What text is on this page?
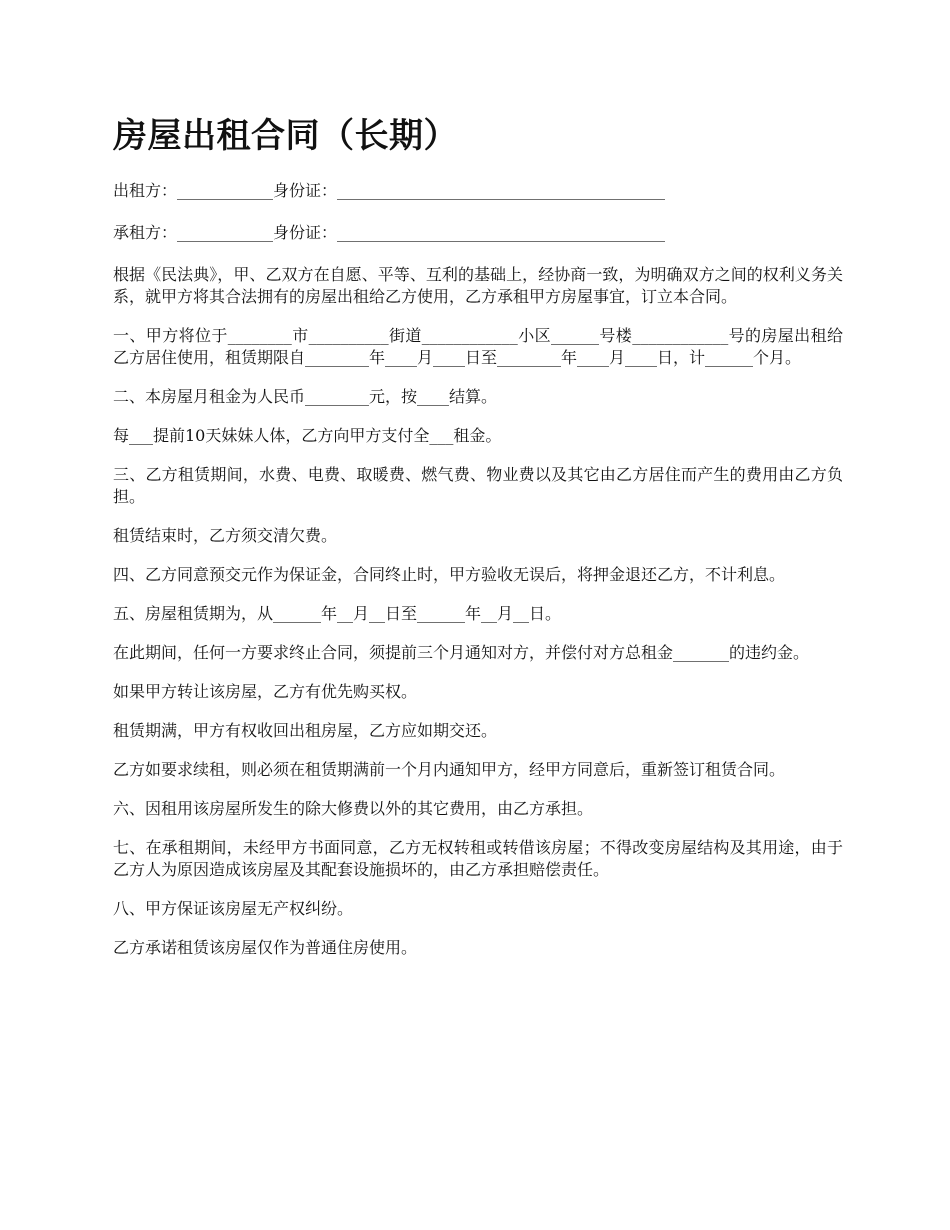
房屋出租合同（长期）

出租方：____________身份证：_________________________________________

承租方：____________身份证：_________________________________________

根据《民法典》，甲、乙双方在自愿、平等、互利的基础上，经协商一致，为明确双方之间的权利义务关系，就甲方将其合法拥有的房屋出租给乙方使用，乙方承租甲方房屋事宜，订立本合同。

一、甲方将位于________市__________街道____________小区______号楼____________号的房屋出租给乙方居住使用，租赁期限自________年____月____日至________年____月____日，计______个月。

二、本房屋月租金为人民币________元，按____结算。

每___提前10天妹妹人体，乙方向甲方支付全___租金。

三、乙方租赁期间，水费、电费、取暖费、燃气费、物业费以及其它由乙方居住而产生的费用由乙方负担。

租赁结束时，乙方须交清欠费。

四、乙方同意预交元作为保证金，合同终止时，甲方验收无误后，将押金退还乙方，不计利息。

五、房屋租赁期为，从______年__月__日至______年__月__日。

在此期间，任何一方要求终止合同，须提前三个月通知对方，并偿付对方总租金_______的违约金。

如果甲方转让该房屋，乙方有优先购买权。

租赁期满，甲方有权收回出租房屋，乙方应如期交还。

乙方如要求续租，则必须在租赁期满前一个月内通知甲方，经甲方同意后，重新签订租赁合同。

六、因租用该房屋所发生的除大修费以外的其它费用，由乙方承担。

七、在承租期间，未经甲方书面同意，乙方无权转租或转借该房屋；不得改变房屋结构及其用途，由于乙方人为原因造成该房屋及其配套设施损坏的，由乙方承担赔偿责任。

八、甲方保证该房屋无产权纠纷。

乙方承诺租赁该房屋仅作为普通住房使用。
